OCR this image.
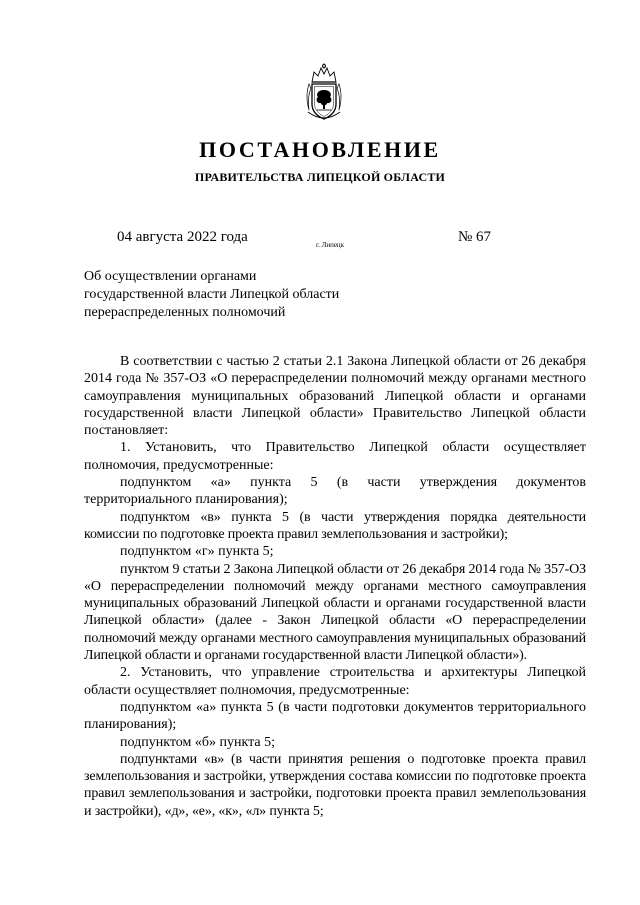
ПОСТАНОВЛЕНИЕ
ПРАВИТЕЛЬСТВА ЛИПЕЦКОЙ ОБЛАСТИ
04 августа 2022 года	г. Липецк	№ 67
Об осуществлении органами
государственной власти Липецкой области
перераспределенных полномочий

В соответствии с частью 2 статьи 2.1 Закона Липецкой области от 26 декабря 2014 года № 357-ОЗ «О перераспределении полномочий между органами местного самоуправления муниципальных образований Липецкой области и органами государственной власти Липецкой области» Правительство Липецкой области постановляет:

1. Установить, что Правительство Липецкой области осуществляет полномочия, предусмотренные:

подпунктом «а» пункта 5 (в части утверждения документов территориального планирования);

подпунктом «в» пункта 5 (в части утверждения порядка деятельности комиссии по подготовке проекта правил землепользования и застройки);

подпунктом «г» пункта 5;

пунктом 9 статьи 2 Закона Липецкой области от 26 декабря 2014 года № 357-ОЗ «О перераспределении полномочий между органами местного самоуправления муниципальных образований Липецкой области и органами государственной власти Липецкой области» (далее - Закон Липецкой области «О перераспределении полномочий между органами местного самоуправления муниципальных образований Липецкой области и органами государственной власти Липецкой области»).

2. Установить, что управление строительства и архитектуры Липецкой области осуществляет полномочия, предусмотренные:

подпунктом «а» пункта 5 (в части подготовки документов территориального планирования);

подпунктом «б» пункта 5;

подпунктами «в» (в части принятия решения о подготовке проекта правил землепользования и застройки, утверждения состава комиссии по подготовке проекта правил землепользования и застройки, подготовки проекта правил землепользования и застройки), «д», «е», «к», «л» пункта 5;
